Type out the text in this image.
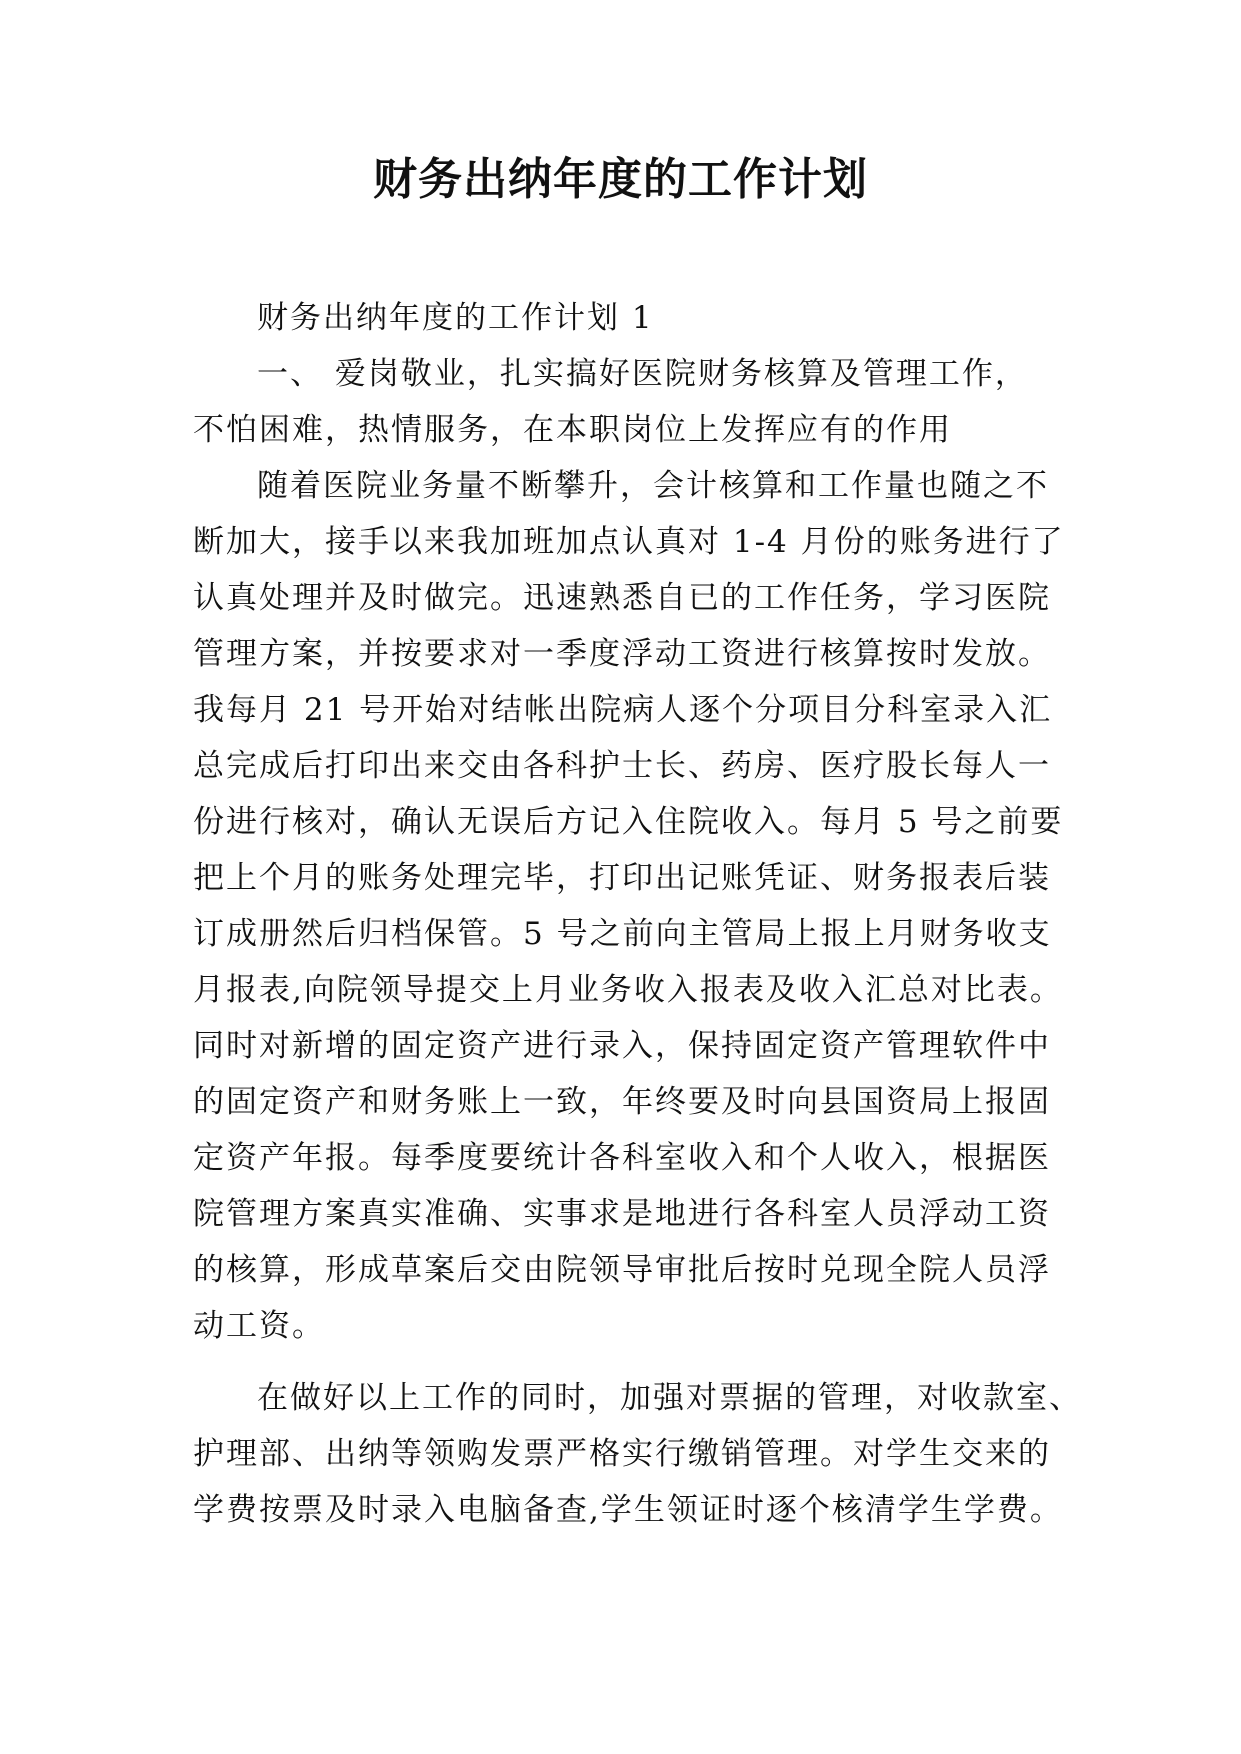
财务出纳年度的工作计划
财务出纳年度的工作计划 1
一、 爱岗敬业，扎实搞好医院财务核算及管理工作，
不怕困难，热情服务，在本职岗位上发挥应有的作用
随着医院业务量不断攀升，会计核算和工作量也随之不
断加大，接手以来我加班加点认真对 1-4 月份的账务进行了
认真处理并及时做完。迅速熟悉自已的工作任务，学习医院
管理方案，并按要求对一季度浮动工资进行核算按时发放。
我每月 21 号开始对结帐出院病人逐个分项目分科室录入汇
总完成后打印出来交由各科护士长、药房、医疗股长每人一
份进行核对，确认无误后方记入住院收入。每月 5 号之前要
把上个月的账务处理完毕，打印出记账凭证、财务报表后装
订成册然后归档保管。5 号之前向主管局上报上月财务收支
月报表,向院领导提交上月业务收入报表及收入汇总对比表。
同时对新增的固定资产进行录入，保持固定资产管理软件中
的固定资产和财务账上一致，年终要及时向县国资局上报固
定资产年报。每季度要统计各科室收入和个人收入，根据医
院管理方案真实准确、实事求是地进行各科室人员浮动工资
的核算，形成草案后交由院领导审批后按时兑现全院人员浮
动工资。
在做好以上工作的同时，加强对票据的管理，对收款室、
护理部、出纳等领购发票严格实行缴销管理。对学生交来的
学费按票及时录入电脑备查,学生领证时逐个核清学生学费。
